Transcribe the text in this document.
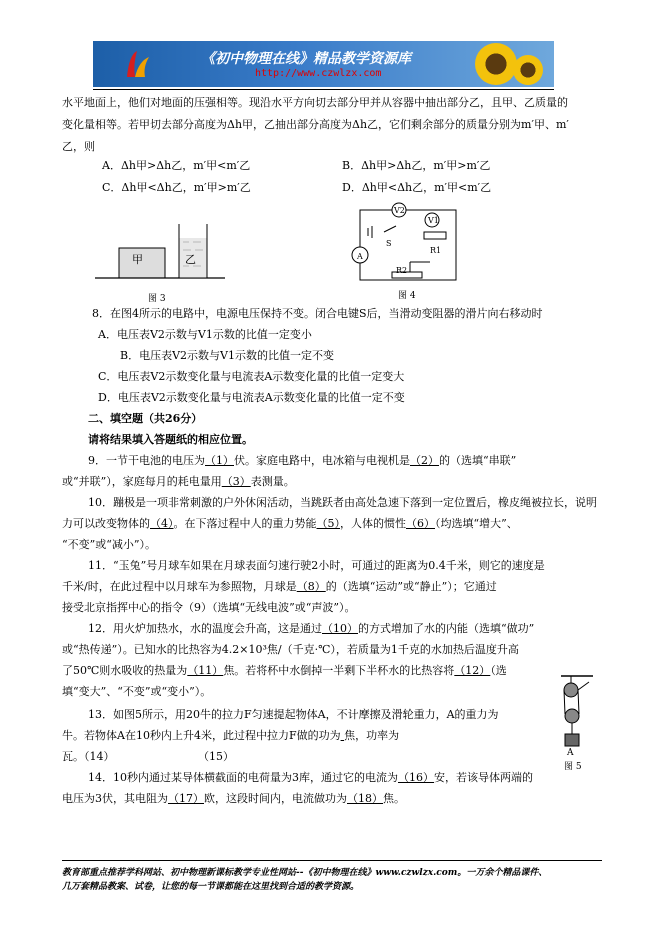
《初中物理在线》精品教学资源库
http://www.czwlzx.com
水平地面上，他们对地面的压强相等。现沿水平方向切去部分甲并从容器中抽出部分乙，且甲、乙质量的
变化量相等。若甲切去部分高度为Δh甲，乙抽出部分高度为Δh乙，它们剩余部分的质量分别为m′甲、m′
乙，则
A．Δh甲>Δh乙，m′甲<m′乙	B．Δh甲>Δh乙，m′甲>m′乙
C．Δh甲<Δh乙，m′甲>m′乙	D．Δh甲<Δh乙，m′甲<m′乙
甲	乙
图 3
V2
V1
S
R1
A
R2
图 4
8．在图4所示的电路中，电源电压保持不变。闭合电键S后，当滑动变阻器的滑片向右移动时
A．电压表V2示数与V1示数的比值一定变小
B．电压表V2示数与V1示数的比值一定不变
C．电压表V2示数变化量与电流表A示数变化量的比值一定变大
D．电压表V2示数变化量与电流表A示数变化量的比值一定不变
二、填空题（共26分）
请将结果填入答题纸的相应位置。
9．一节干电池的电压为（1）伏。家庭电路中，电冰箱与电视机是（2）的（选填“串联”
或“并联”），家庭每月的耗电量用（3）表测量。
10．蹦极是一项非常刺激的户外休闲活动，当跳跃者由高处急速下落到一定位置后，橡皮绳被拉长，说明
力可以改变物体的（4）。在下落过程中人的重力势能（5），人体的惯性（6）（均选填“增大”、
“不变”或“减小”）。
11．“玉兔”号月球车如果在月球表面匀速行驶2小时，可通过的距离为0.4千米，则它的速度是
千米/时，在此过程中以月球车为参照物，月球是（8）的（选填“运动”或“静止”）；它通过
接受北京指挥中心的指令（9）（选填“无线电波”或“声波”）。
12．用火炉加热水，水的温度会升高，这是通过（10）的方式增加了水的内能（选填“做功”
或“热传递”）。已知水的比热容为4.2×10³焦/（千克·℃），若质量为1千克的水加热后温度升高
了50℃则水吸收的热量为（11）焦。若将杯中水倒掉一半剩下半杯水的比热容将（12）（选
填“变大”、“不变”或“变小”）。
13．如图5所示，用20牛的拉力F匀速提起物体A，不计摩擦及滑轮重力，A的重力为
牛。若物体A在10秒内上升4米，此过程中拉力F做的功为 焦，功率为
瓦。（14）	（15）	A
图 5
14．10秒内通过某导体横截面的电荷量为3库，通过它的电流为（16）安，若该导体两端的
电压为3伏，其电阻为（17）欧，这段时间内，电流做功为（18）焦。
教育部重点推荐学科网站、初中物理新课标教学专业性网站--《初中物理在线》www.czwlzx.com。一万余个精品课件、
几万套精品教案、试卷，让您的每一节课都能在这里找到合适的教学资源。
